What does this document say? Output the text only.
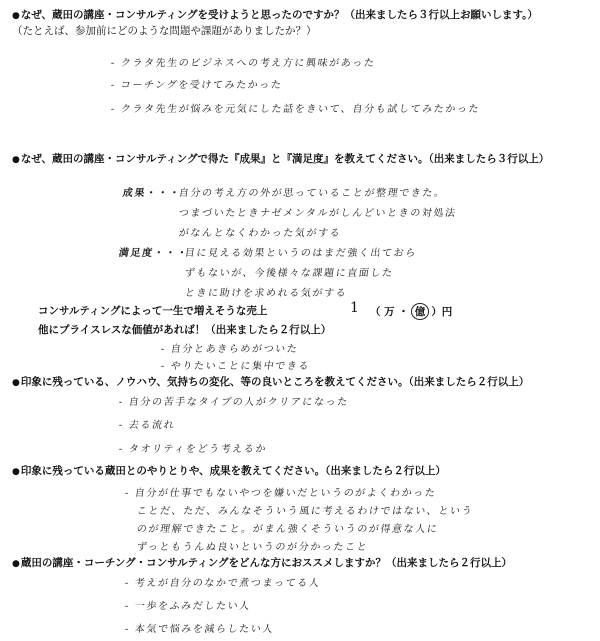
●なぜ、蔵田の講座・コンサルティングを受けようと思ったのですか？（出来ましたら３行以上お願いします。）
（たとえば、参加前にどのような問題や課題がありましたか？）
- クラタ先生のビジネスへの考え方に興味があった
- コーチングを受けてみたかった
- クラタ先生が悩みを元気にした話をきいて、自分も試してみたかった
●なぜ、蔵田の講座・コンサルティングで得た『成果』と『満足度』を教えてください。（出来ましたら３行以上）
成果・・・
自分の考え方の外が思っていることが整理できた。
つまづいたときナゼメンタルがしんどいときの対処法
がなんとなくわかった気がする
満足度・・・
目に見える効果というのはまだ強く出ておら
ずもないが、今後様々な課題に直面した
ときに助けを求めれる気がする
コンサルティングによって一生で増えそうな売上	1 （ 万 ・ 億 ）円
他にプライスレスな価値があれば！（出来ましたら２行以上）
- 自分とあきらめがついた
- やりたいことに集中できる
●印象に残っている、ノウハウ、気持ちの変化、等の良いところを教えてください。（出来ましたら２行以上）
- 自分の苦手なタイプの人がクリアになった
- 去る流れ
- タオリティをどう考えるか
●印象に残っている蔵田とのやりとりや、成果を教えてください。（出来ましたら２行以上）
- 自分が仕事でもないやつを嫌いだというのがよくわかった
ことだ、ただ、みんなそういう風に考えるわけではない、という
のが理解できたこと。がまん強くそういうのが得意な人に
ずっともうんぬ良いというのが分かったこと
●蔵田の講座・コーチング・コンサルティングをどんな方におススメしますか？（出来ましたら２行以上）
- 考えが自分のなかで煮つまってる人
- 一歩をふみだしたい人
- 本気で悩みを減らしたい人
